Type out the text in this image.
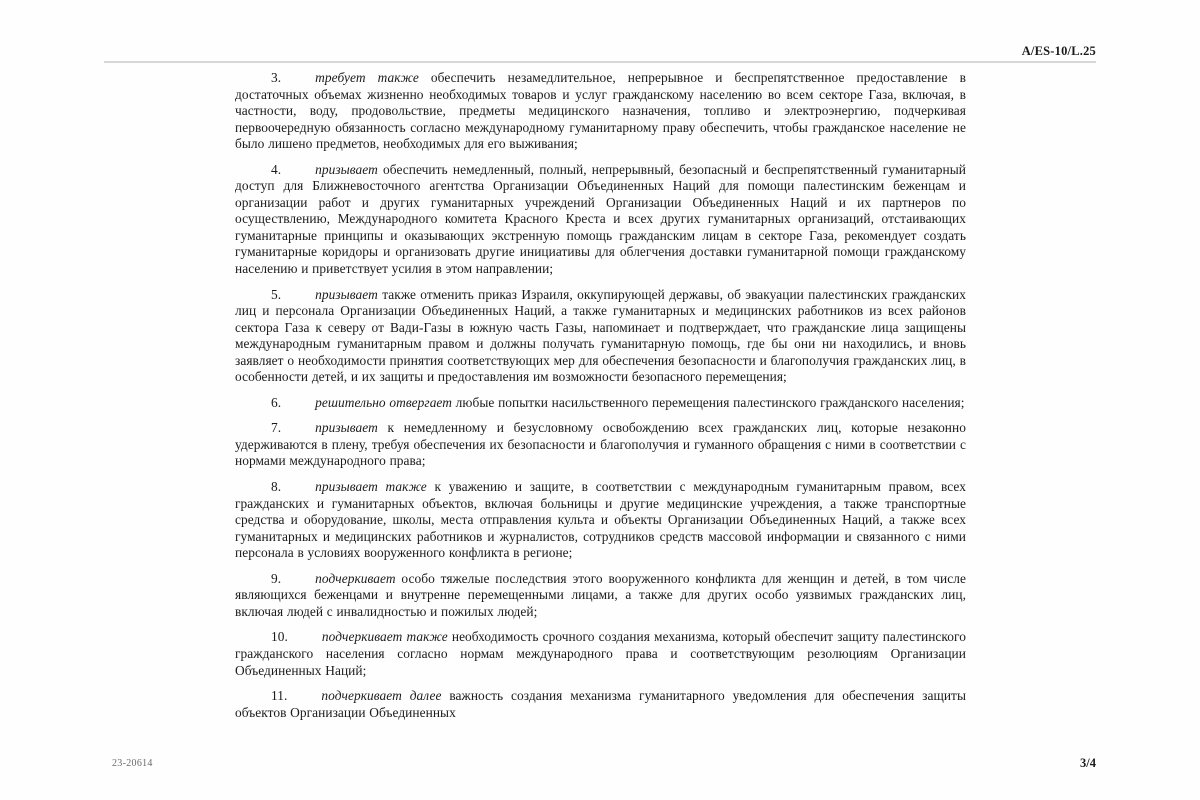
A/ES-10/L.25

3.	требует также обеспечить незамедлительное, непрерывное и беспрепятственное предоставление в достаточных объемах жизненно необходимых товаров и услуг гражданскому населению во всем секторе Газа, включая, в частности, воду, продовольствие, предметы медицинского назначения, топливо и электроэнергию, подчеркивая первоочередную обязанность согласно международному гуманитарному праву обеспечить, чтобы гражданское население не было лишено предметов, необходимых для его выживания;

4.	призывает обеспечить немедленный, полный, непрерывный, безопасный и беспрепятственный гуманитарный доступ для Ближневосточного агентства Организации Объединенных Наций для помощи палестинским беженцам и организации работ и других гуманитарных учреждений Организации Объединенных Наций и их партнеров по осуществлению, Международного комитета Красного Креста и всех других гуманитарных организаций, отстаивающих гуманитарные принципы и оказывающих экстренную помощь гражданским лицам в секторе Газа, рекомендует создать гуманитарные коридоры и организовать другие инициативы для облегчения доставки гуманитарной помощи гражданскому населению и приветствует усилия в этом направлении;

5.	призывает также отменить приказ Израиля, оккупирующей державы, об эвакуации палестинских гражданских лиц и персонала Организации Объединенных Наций, а также гуманитарных и медицинских работников из всех районов сектора Газа к северу от Вади-Газы в южную часть Газы, напоминает и подтверждает, что гражданские лица защищены международным гуманитарным правом и должны получать гуманитарную помощь, где бы они ни находились, и вновь заявляет о необходимости принятия соответствующих мер для обеспечения безопасности и благополучия гражданских лиц, в особенности детей, и их защиты и предоставления им возможности безопасного перемещения;

6.	решительно отвергает любые попытки насильственного перемещения палестинского гражданского населения;

7.	призывает к немедленному и безусловному освобождению всех гражданских лиц, которые незаконно удерживаются в плену, требуя обеспечения их безопасности и благополучия и гуманного обращения с ними в соответствии с нормами международного права;

8.	призывает также к уважению и защите, в соответствии с международным гуманитарным правом, всех гражданских и гуманитарных объектов, включая больницы и другие медицинские учреждения, а также транспортные средства и оборудование, школы, места отправления культа и объекты Организации Объединенных Наций, а также всех гуманитарных и медицинских работников и журналистов, сотрудников средств массовой информации и связанного с ними персонала в условиях вооруженного конфликта в регионе;

9.	подчеркивает особо тяжелые последствия этого вооруженного конфликта для женщин и детей, в том числе являющихся беженцами и внутренне перемещенными лицами, а также для других особо уязвимых гражданских лиц, включая людей с инвалидностью и пожилых людей;

10.	подчеркивает также необходимость срочного создания механизма, который обеспечит защиту палестинского гражданского населения согласно нормам международного права и соответствующим резолюциям Организации Объединенных Наций;

11.	подчеркивает далее важность создания механизма гуманитарного уведомления для обеспечения защиты объектов Организации Объединенных

23-20614	3/4
